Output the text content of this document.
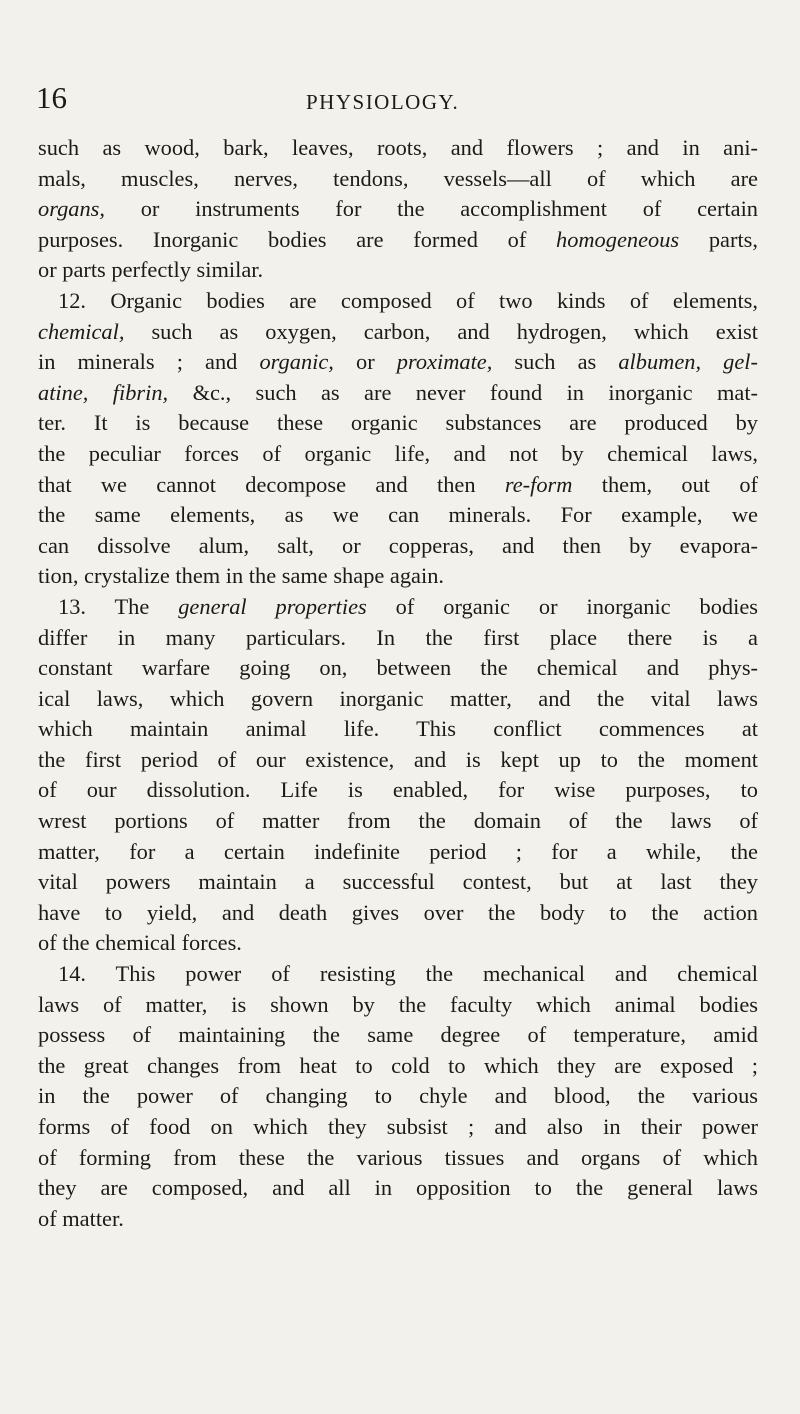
16	PHYSIOLOGY.
such as wood, bark, leaves, roots, and flowers ; and in ani-
mals, muscles, nerves, tendons, vessels—all of which are
organs, or instruments for the accomplishment of certain
purposes. Inorganic bodies are formed of homogeneous parts,
or parts perfectly similar.
12. Organic bodies are composed of two kinds of elements,
chemical, such as oxygen, carbon, and hydrogen, which exist
in minerals ; and organic, or proximate, such as albumen, gel-
atine, fibrin, &c., such as are never found in inorganic mat-
ter. It is because these organic substances are produced by
the peculiar forces of organic life, and not by chemical laws,
that we cannot decompose and then re-form them, out of
the same elements, as we can minerals. For example, we
can dissolve alum, salt, or copperas, and then by evapora-
tion, crystalize them in the same shape again.
13. The general properties of organic or inorganic bodies
differ in many particulars. In the first place there is a
constant warfare going on, between the chemical and phys-
ical laws, which govern inorganic matter, and the vital laws
which maintain animal life. This conflict commences at
the first period of our existence, and is kept up to the moment
of our dissolution. Life is enabled, for wise purposes, to
wrest portions of matter from the domain of the laws of
matter, for a certain indefinite period ; for a while, the
vital powers maintain a successful contest, but at last they
have to yield, and death gives over the body to the action
of the chemical forces.
14. This power of resisting the mechanical and chemical
laws of matter, is shown by the faculty which animal bodies
possess of maintaining the same degree of temperature, amid
the great changes from heat to cold to which they are exposed ;
in the power of changing to chyle and blood, the various
forms of food on which they subsist ; and also in their power
of forming from these the various tissues and organs of which
they are composed, and all in opposition to the general laws
of matter.
